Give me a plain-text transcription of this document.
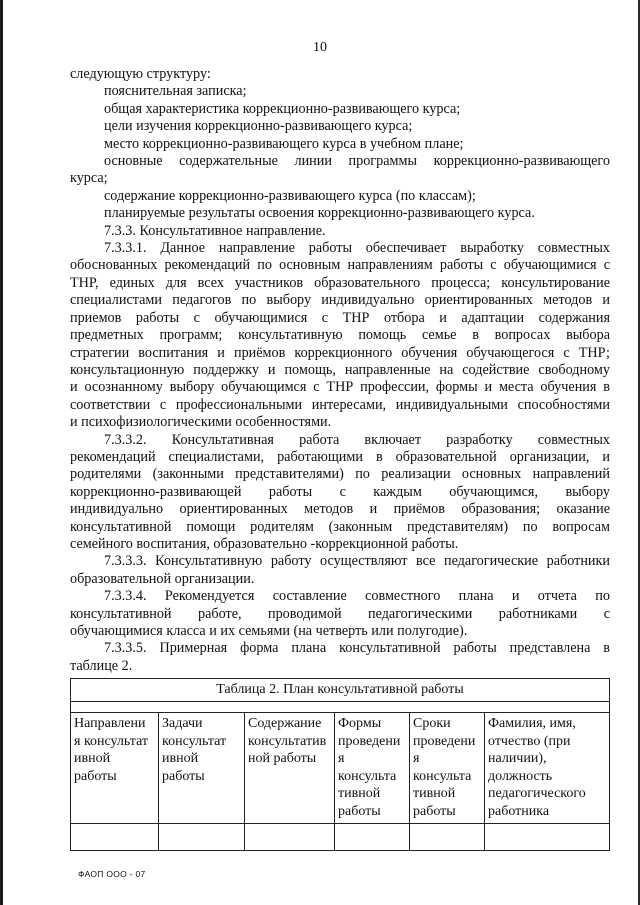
10
следующую структуру:
пояснительная записка;
общая характеристика коррекционно-развивающего курса;
цели изучения коррекционно-развивающего курса;
место коррекционно-развивающего курса в учебном плане;
основные содержательные линии программы коррекционно-развивающего
курса;
содержание коррекционно-развивающего курса (по классам);
планируемые результаты освоения коррекционно-развивающего курса.
7.3.3. Консультативное направление.
7.3.3.1. Данное направление работы обеспечивает выработку совместных
обоснованных рекомендаций по основным направлениям работы с обучающимися с
ТНР, единых для всех участников образовательного процесса; консультирование
специалистами педагогов по выбору индивидуально ориентированных методов и
приемов работы с обучающимися с ТНР отбора и адаптации содержания
предметных программ; консультативную помощь семье в вопросах выбора
стратегии воспитания и приёмов коррекционного обучения обучающегося с ТНР;
консультационную поддержку и помощь, направленные на содействие свободному
и осознанному выбору обучающимся с ТНР профессии, формы и места обучения в
соответствии с профессиональными интересами, индивидуальными способностями
и психофизиологическими особенностями.
7.3.3.2. Консультативная работа включает разработку совместных
рекомендаций специалистами, работающими в образовательной организации, и
родителями (законными представителями) по реализации основных направлений
коррекционно-развивающей работы с каждым обучающимся, выбору
индивидуально ориентированных методов и приёмов образования; оказание
консультативной помощи родителям (законным представителям) по вопросам
семейного воспитания, образовательно -коррекционной работы.
7.3.3.3. Консультативную работу осуществляют все педагогические работники
образовательной организации.
7.3.3.4. Рекомендуется составление совместного плана и отчета по
консультативной работе, проводимой педагогическими работниками с
обучающимися класса и их семьями (на четверть или полугодие).
7.3.3.5. Примерная форма плана консультативной работы представлена в
таблице 2.
Таблица 2. План консультативной работы					

Направлени я консультат ивной работы	Задачи консультат ивной работы	Содержание консультатив ной работы	Формы проведени я консульта тивной работы	Сроки проведени я консульта тивной работы	Фамилия, имя, отчество (при наличии), должность педагогического работника

ФАОП ООО - 07
